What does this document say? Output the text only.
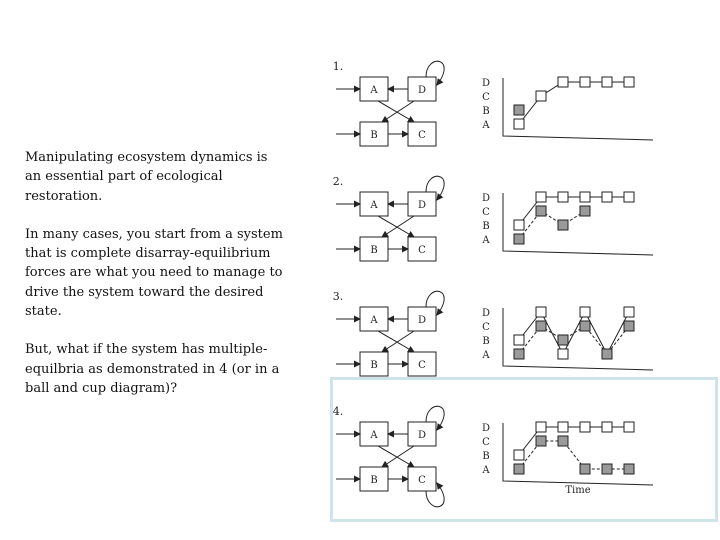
Manipulating ecosystem dynamics is an essential part of ecological restoration.

In many cases, you start from a system that is complete disarray-equilibrium forces are what you need to manage to drive the system toward the desired state.

But, what if the system has multiple-equilbria as demonstrated in 4 (or in a ball and cup diagram)?

1.
A	D
B	C
D
C
B
A
2.
A	D
B	C
D
C
B
A
3.
A	D
B	C
D
C
B
A
4.
A	D
B	C
D
C
B
A
Time
